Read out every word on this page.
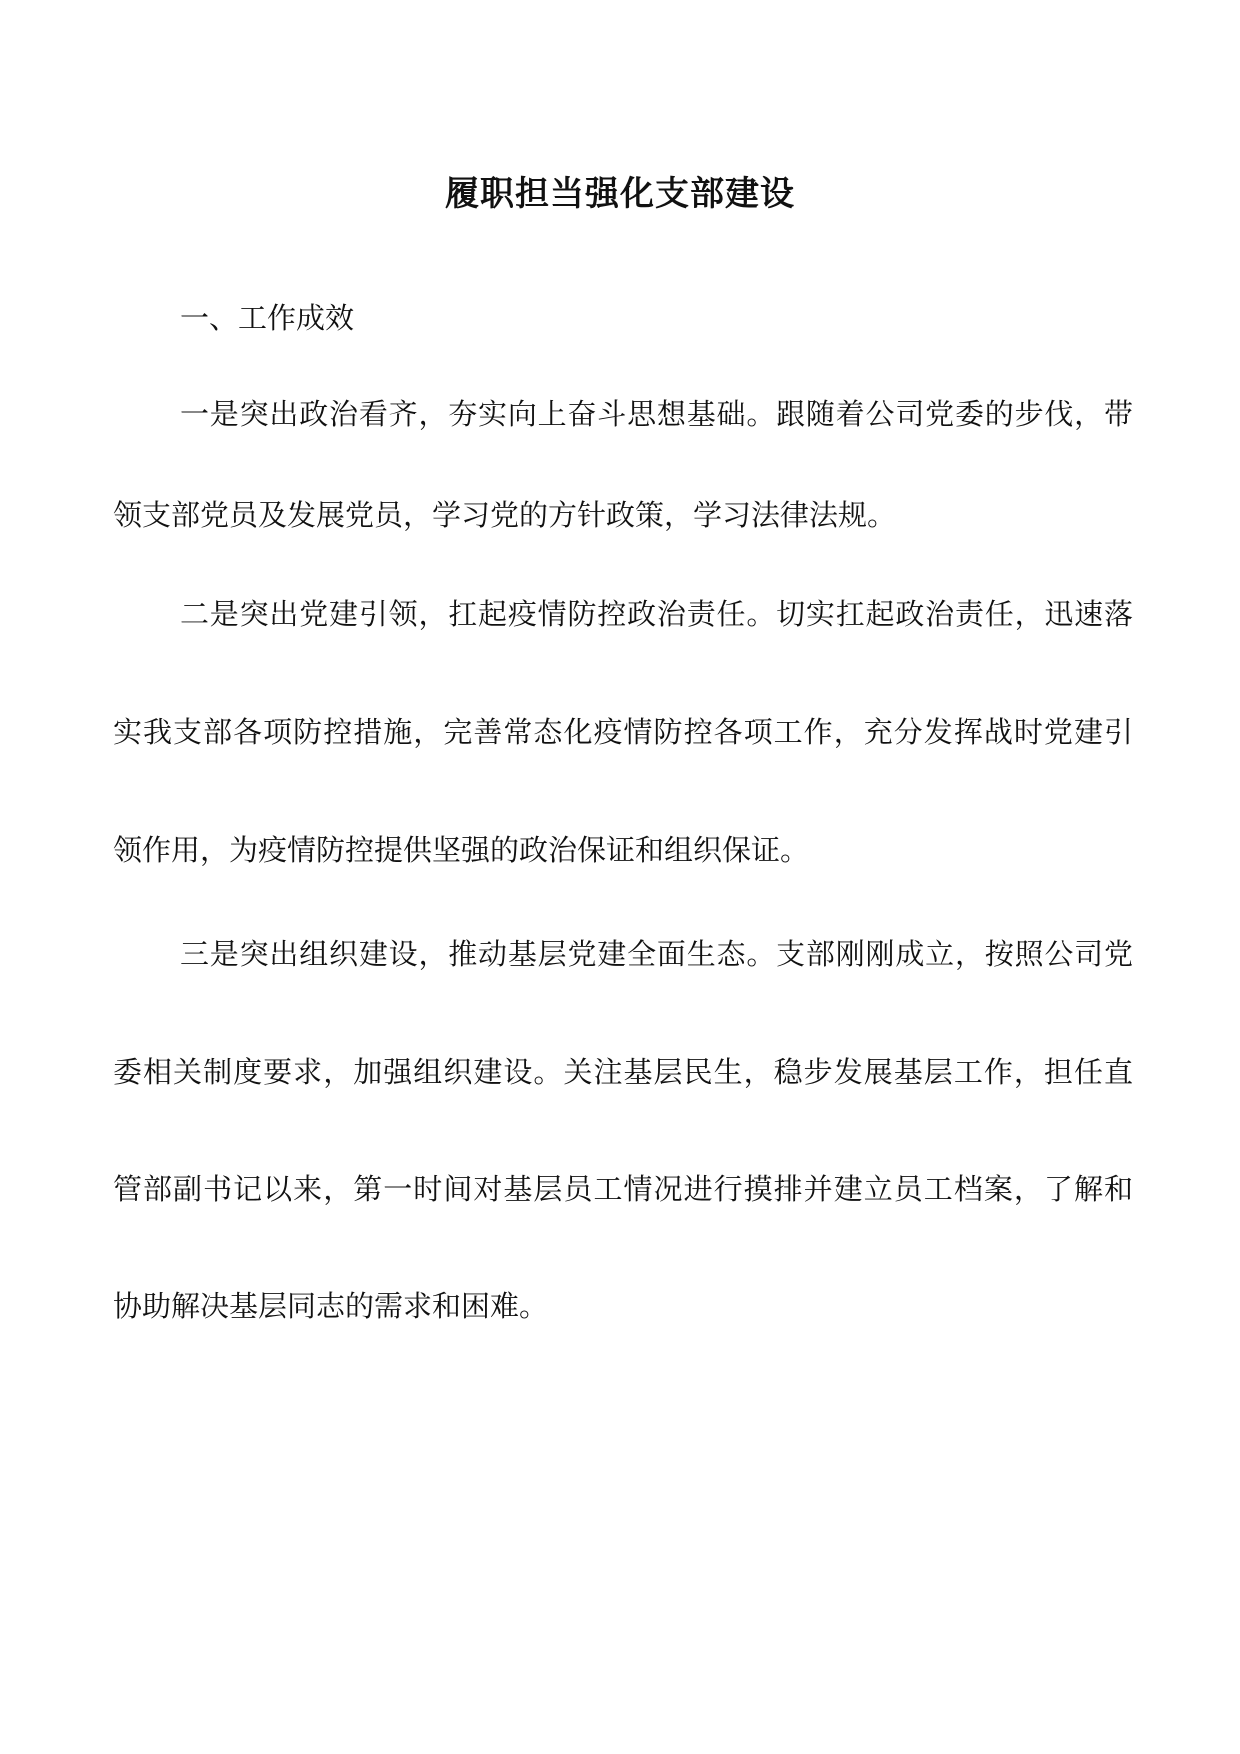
履职担当强化支部建设
一、工作成效
一是突出政治看齐，夯实向上奋斗思想基础。跟随着公司党委的步伐，带
领支部党员及发展党员，学习党的方针政策，学习法律法规。
二是突出党建引领，扛起疫情防控政治责任。切实扛起政治责任，迅速落
实我支部各项防控措施，完善常态化疫情防控各项工作，充分发挥战时党建引
领作用，为疫情防控提供坚强的政治保证和组织保证。
三是突出组织建设，推动基层党建全面生态。支部刚刚成立，按照公司党
委相关制度要求，加强组织建设。关注基层民生，稳步发展基层工作，担任直
管部副书记以来，第一时间对基层员工情况进行摸排并建立员工档案，了解和
协助解决基层同志的需求和困难。
